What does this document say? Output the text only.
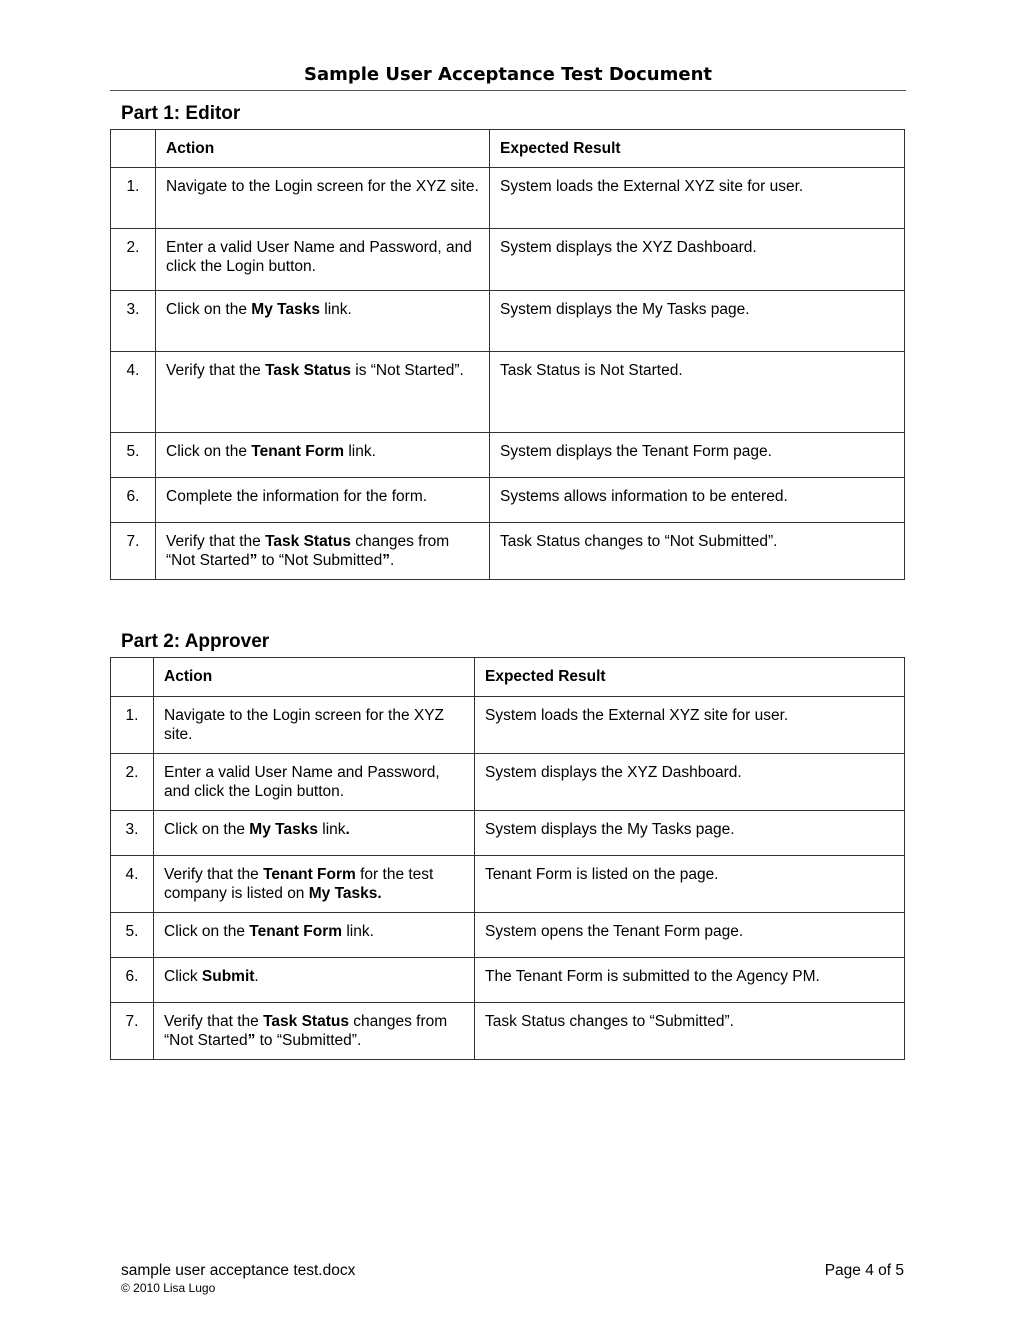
Sample User Acceptance Test Document
Part 1: Editor
	Action	Expected Result
1.	Navigate to the Login screen for the XYZ site.	System loads the External XYZ site for user.
2.	Enter a valid User Name and Password, and click the Login button.	System displays the XYZ Dashboard.
3.	Click on the My Tasks link.	System displays the My Tasks page.
4.	Verify that the Task Status is “Not Started”.	Task Status is Not Started.
5.	Click on the Tenant Form link.	System displays the Tenant Form page.
6.	Complete the information for the form.	Systems allows information to be entered.
7.	Verify that the Task Status changes from “Not Started” to “Not Submitted”.	Task Status changes to “Not Submitted”.
Part 2: Approver
	Action	Expected Result
1.	Navigate to the Login screen for the XYZ site.	System loads the External XYZ site for user.
2.	Enter a valid User Name and Password, and click the Login button.	System displays the XYZ Dashboard.
3.	Click on the My Tasks link.	System displays the My Tasks page.
4.	Verify that the Tenant Form for the test company is listed on My Tasks.	Tenant Form is listed on the page.
5.	Click on the Tenant Form link.	System opens the Tenant Form page.
6.	Click Submit.	The Tenant Form is submitted to the Agency PM.
7.	Verify that the Task Status changes from “Not Started” to “Submitted”.	Task Status changes to “Submitted”.
sample user acceptance test.docx
© 2010 Lisa Lugo
Page 4 of 5
